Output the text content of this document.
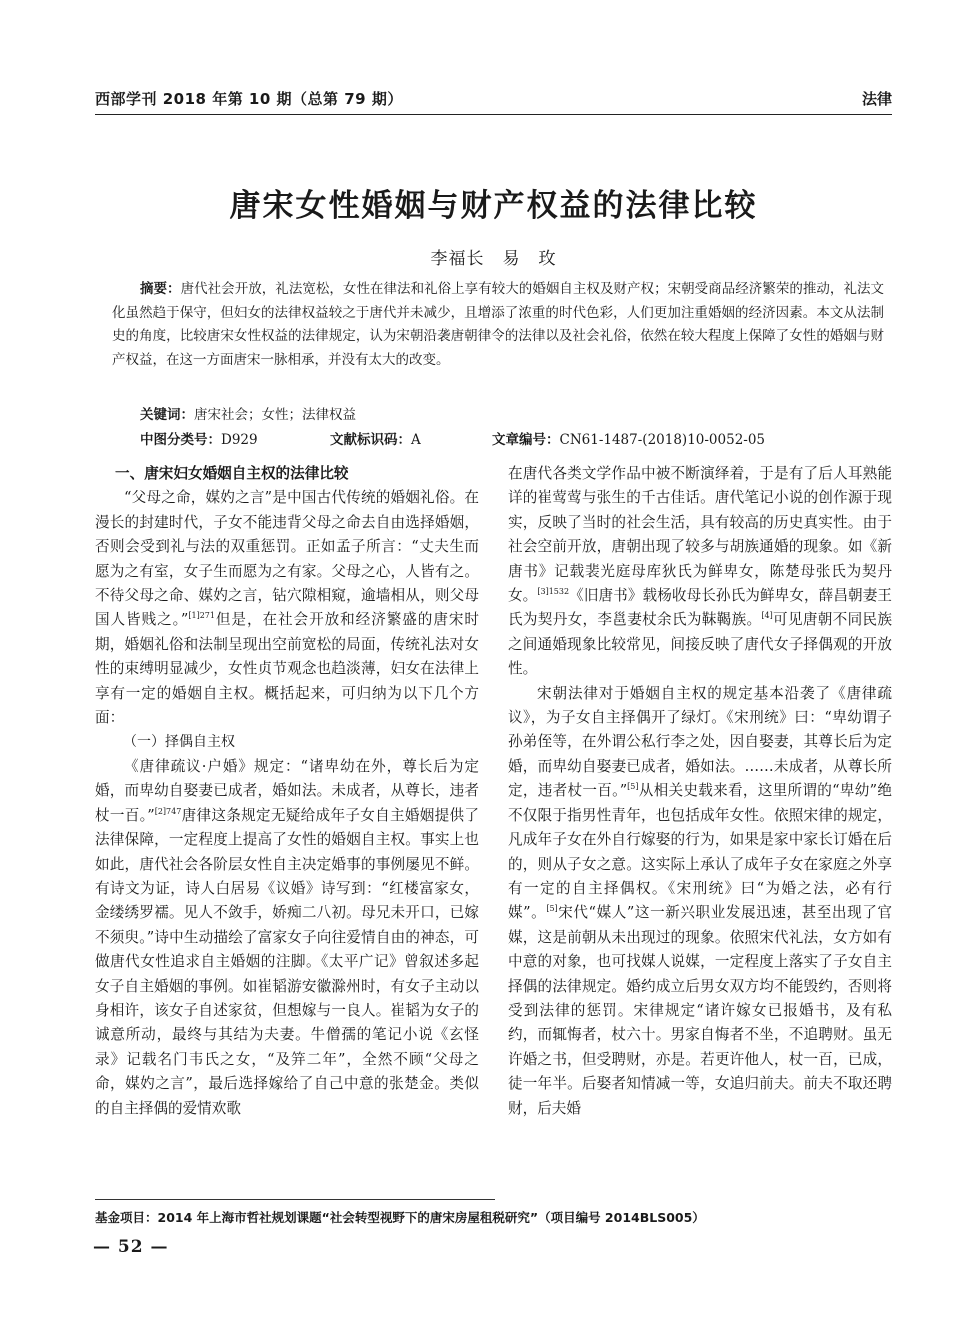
西部学刊 2018 年第 10 期（总第 79 期）	法律
唐宋女性婚姻与财产权益的法律比较
李福长　易　玫
摘要：唐代社会开放，礼法宽松，女性在律法和礼俗上享有较大的婚姻自主权及财产权；宋朝受商品经济繁荣的推动，礼法文化虽然趋于保守，但妇女的法律权益较之于唐代并未减少，且增添了浓重的时代色彩，人们更加注重婚姻的经济因素。本文从法制史的角度，比较唐宋女性权益的法律规定，认为宋朝沿袭唐朝律令的法律以及社会礼俗，依然在较大程度上保障了女性的婚姻与财产权益，在这一方面唐宋一脉相承，并没有太大的改变。
关键词：唐宋社会；女性；法律权益
中图分类号：D929	文献标识码：A	文章编号：CN61-1487-(2018)10-0052-05
一、唐宋妇女婚姻自主权的法律比较

“父母之命，媒妁之言”是中国古代传统的婚姻礼俗。在漫长的封建时代，子女不能违背父母之命去自由选择婚姻，否则会受到礼与法的双重惩罚。正如孟子所言：“丈夫生而愿为之有室，女子生而愿为之有家。父母之心，人皆有之。不待父母之命、媒妁之言，钻穴隙相窥，逾墙相从，则父母国人皆贱之。”$^{[1]271}$但是，在社会开放和经济繁盛的唐宋时期，婚姻礼俗和法制呈现出空前宽松的局面，传统礼法对女性的束缚明显减少，女性贞节观念也趋淡薄，妇女在法律上享有一定的婚姻自主权。概括起来，可归纳为以下几个方面：

（一）择偶自主权

《唐律疏议·户婚》规定：“诸卑幼在外，尊长后为定婚，而卑幼自娶妻已成者，婚如法。未成者，从尊长，违者杖一百。”$^{[2]747}$唐律这条规定无疑给成年子女自主婚姻提供了法律保障，一定程度上提高了女性的婚姻自主权。事实上也如此，唐代社会各阶层女性自主决定婚事的事例屡见不鲜。有诗文为证，诗人白居易《议婚》诗写到：“红楼富家女，金缕绣罗襦。见人不敛手，娇痴二八初。母兄未开口，已嫁不须臾。”诗中生动描绘了富家女子向往爱情自由的神态，可做唐代女性追求自主婚姻的注脚。《太平广记》曾叙述多起女子自主婚姻的事例。如崔韬游安徽滁州时，有女子主动以身相许，该女子自述家贫，但想嫁与一良人。崔韬为女子的诚意所动，最终与其结为夫妻。牛僧孺的笔记小说《玄怪录》记载名门韦氏之女，“及笄二年”，全然不顾“父母之命，媒妁之言”，最后选择嫁给了自己中意的张楚金。类似的自主择偶的爱情欢歌

在唐代各类文学作品中被不断演绎着，于是有了后人耳熟能详的崔莺莺与张生的千古佳话。唐代笔记小说的创作源于现实，反映了当时的社会生活，具有较高的历史真实性。由于社会空前开放，唐朝出现了较多与胡族通婚的现象。如《新唐书》记载裴光庭母库狄氏为鲜卑女，陈楚母张氏为契丹女。$^{[3]1532}$《旧唐书》载杨收母长孙氏为鲜卑女，薛昌朝妻王氏为契丹女，李邕妻杖余氏为靺鞨族。[4]可见唐朝不同民族之间通婚现象比较常见，间接反映了唐代女子择偶观的开放性。

宋朝法律对于婚姻自主权的规定基本沿袭了《唐律疏议》，为子女自主择偶开了绿灯。《宋刑统》曰：“卑幼谓子孙弟侄等，在外谓公私行李之处，因自娶妻，其尊长后为定婚，而卑幼自娶妻已成者，婚如法。……未成者，从尊长所定，违者杖一百。”[5]从相关史载来看，这里所谓的“卑幼”绝不仅限于指男性青年，也包括成年女性。依照宋律的规定，凡成年子女在外自行嫁娶的行为，如果是家中家长订婚在后的，则从子女之意。这实际上承认了成年子女在家庭之外享有一定的自主择偶权。《宋刑统》曰“为婚之法，必有行媒”。[5]宋代“媒人”这一新兴职业发展迅速，甚至出现了官媒，这是前朝从未出现过的现象。依照宋代礼法，女方如有中意的对象，也可找媒人说媒，一定程度上落实了子女自主择偶的法律规定。婚约成立后男女双方均不能毁约，否则将受到法律的惩罚。宋律规定“诸许嫁女已报婚书，及有私约，而辄悔者，杖六十。男家自悔者不坐，不追聘财。虽无许婚之书，但受聘财，亦是。若更许他人，杖一百，已成，徒一年半。后娶者知情减一等，女追归前夫。前夫不取还聘财，后夫婚

基金项目：2014 年上海市哲社规划课题“社会转型视野下的唐宋房屋租税研究”（项目编号 2014BLS005）
— 52 —
